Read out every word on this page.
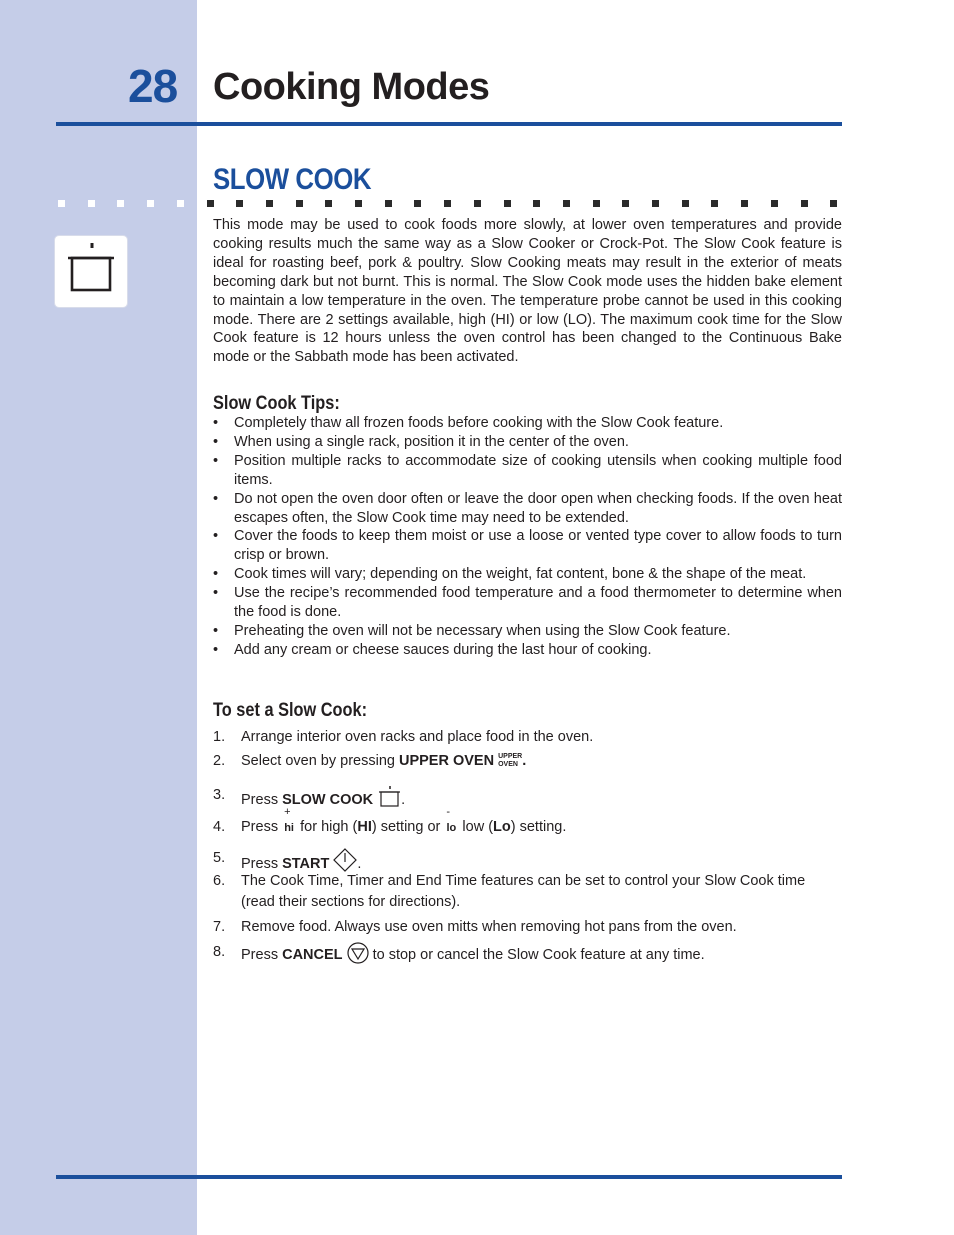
28 Cooking Modes
SLOW COOK

This mode may be used to cook foods more slowly, at lower oven temperatures and provide cooking results much the same way as a Slow Cooker or Crock-Pot. The Slow Cook feature is ideal for roasting beef, pork & poultry. Slow Cooking meats may result in the exterior of meats becoming dark but not burnt. This is normal. The Slow Cook mode uses the hidden bake element to maintain a low temperature in the oven. The temperature probe cannot be used in this cooking mode. There are 2 settings available, high (HI) or low (LO). The maximum cook time for the Slow Cook feature is 12 hours unless the oven control has been changed to the Continuous Bake mode or the Sabbath mode has been activated.

Slow Cook Tips:
• Completely thaw all frozen foods before cooking with the Slow Cook feature.
• When using a single rack, position it in the center of the oven.
• Position multiple racks to accommodate size of cooking utensils when cooking multiple food items.
• Do not open the oven door often or leave the door open when checking foods. If the oven heat escapes often, the Slow Cook time may need to be extended.
• Cover the foods to keep them moist or use a loose or vented type cover to allow foods to turn crisp or brown.
• Cook times will vary; depending on the weight, fat content, bone & the shape of the meat.
• Use the recipe’s recommended food temperature and a food thermometer to determine when the food is done.
• Preheating the oven will not be necessary when using the Slow Cook feature.
• Add any cream or cheese sauces during the last hour of cooking.
To set a Slow Cook:
1. Arrange interior oven racks and place food in the oven.
2. Select oven by pressing UPPER OVEN UPPER
OVEN .
3. Press SLOW COOK .
4. Press
+
hi for high (HI) setting or
-
lo low (Lo) setting.
5. Press START .
6. The Cook Time, Timer and End Time features can be set to control your Slow Cook time (read their sections for directions).
7. Remove food. Always use oven mitts when removing hot pans from the oven.
8. Press CANCEL  to stop or cancel the Slow Cook feature at any time.
